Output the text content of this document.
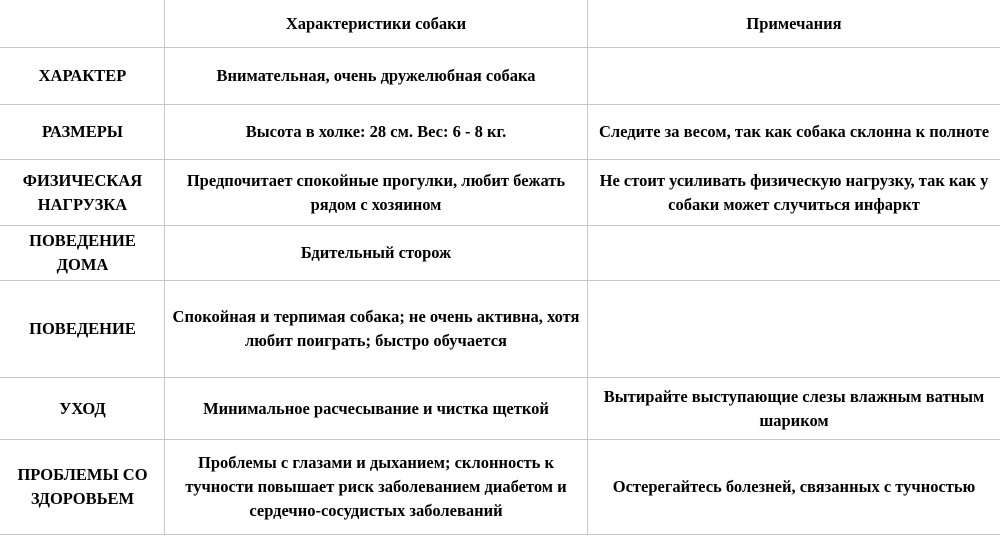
	Характеристики собаки	Примечания
ХАРАКТЕР	Внимательная, очень дружелюбная собака	
РАЗМЕРЫ	Высота в холке: 28 см. Вес: 6 - 8 кг.	Следите за весом, так как собака склонна к полноте
ФИЗИЧЕСКАЯ НАГРУЗКА	Предпочитает спокойные прогулки, любит бежать рядом с хозяином	Не стоит усиливать физическую нагрузку, так как у собаки может случиться инфаркт
ПОВЕДЕНИЕ ДОМА	Бдительный сторож	
ПОВЕДЕНИЕ	Спокойная и терпимая собака; не очень активна, хотя любит поиграть; быстро обучается	
УХОД	Минимальное расчесывание и чистка щеткой	Вытирайте выступающие слезы влажным ватным шариком
ПРОБЛЕМЫ СО ЗДОРОВЬЕМ	Проблемы с глазами и дыханием; склонность к тучности повышает риск заболеванием диабетом и сердечно-сосудистых заболеваний	Остерегайтесь болезней, связанных с тучностью
